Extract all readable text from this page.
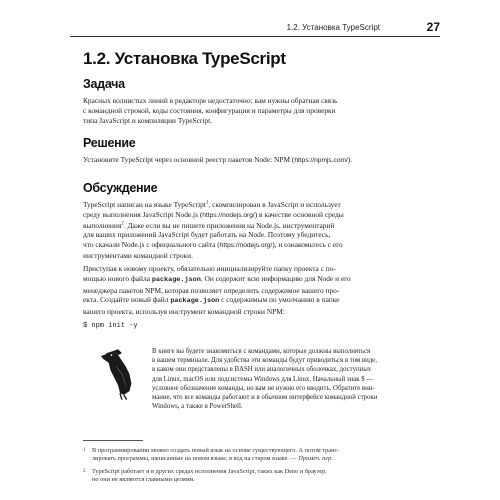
1.2. Установка TypeScript	27
1.2. Установка TypeScript
Задача

Красных волнистых линий в редакторе недостаточно: вам нужны обратная связь
с командной строкой, коды состояния, конфигурация и параметры для проверки
типа JavaScript и компиляции TypeScript.

Решение

Установите TypeScript через основной реестр пакетов Node: NPM (https://npmjs.com/).

Обсуждение

TypeScript написан на языке TypeScript$^1$, скомпилирован в JavaScript и использует
среду выполнения JavaScript Node.js (https://nodejs.org/) в качестве основной среды
выполнения$^2$. Даже если вы не пишете приложения на Node.js, инструментарий
для ваших приложений JavaScript будет работать на Node. Поэтому убедитесь,
что скачали Node.js с официального сайта (https://nodejs.org/), и ознакомьтесь с его
инструментами командной строки.

Приступая к новому проекту, обязательно инициализируйте папку проекта с по-
мощью нового файла package.json. Он содержит всю информацию для Node и его
менеджера пакетов NPM, которая позволяет определить содержимое вашего про-
екта. Создайте новый файл package.json с содержимым по умолчанию в папке
вашего проекта, используя инструмент командной строки NPM:

$ npm init -y

В книге вы будете знакомиться с командами, которые должны выполняться
в вашем терминале. Для удобства эти команды будут приводиться в том виде,
в каком они представлены в BASH или аналогичных оболочках, доступных
для Linux, macOS или подсистемы Windows для Linux. Начальный знак $ —
условное обозначение команды, но вам не нужно его вводить. Обратите вни-
мание, что все команды работают и в обычном интерфейсе командной строки
Windows, а также в PowerShell.

1	В программировании можно создать новый язык на основе существующего. А потом транс-
лировать программы, написанные на новом языке, в код на старом языке. — Примеч. пер.

2	TypeScript работает и в других средах исполнения JavaScript, таких как Deno и браузер,
но они не являются главными целями.
